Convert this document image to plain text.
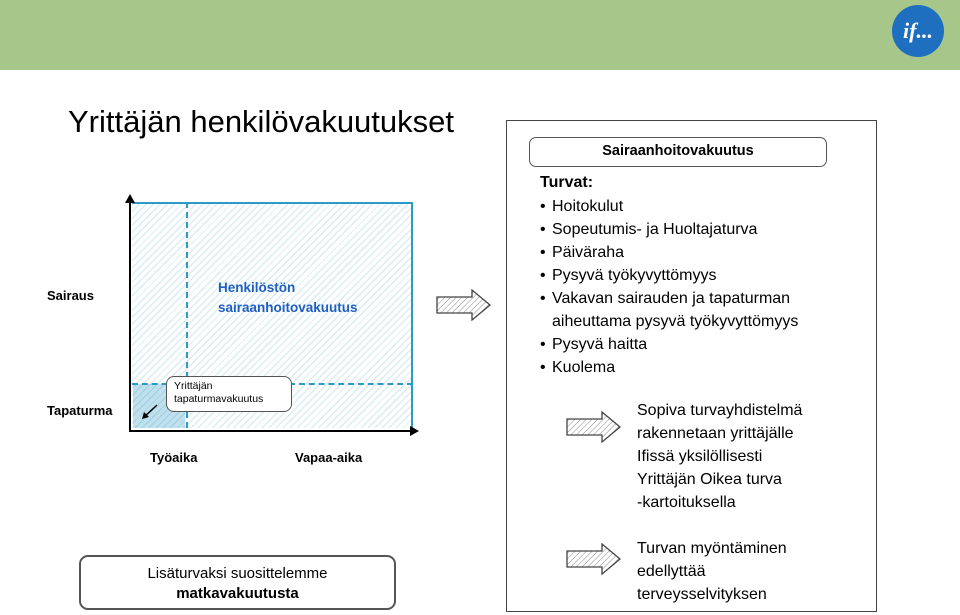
if...
Yrittäjän henkilövakuutukset
Sairaus
Tapaturma
Työaika	Vapaa-aika
Henkilöstön
sairaanhoitovakuutus
Yrittäjän
tapaturmavakuutus
Lisäturvaksi suosittelemme
matkavakuutusta
Sairaanhoitovakuutus
Turvat:
• Hoitokulut
• Sopeutumis- ja Huoltajaturva
• Päiväraha
• Pysyvä työkyvyttömyys
• Vakavan sairauden ja tapaturman
aiheuttama pysyvä työkyvyttömyys
• Pysyvä haitta
• Kuolema
Sopiva turvayhdistelmä
rakennetaan yrittäjälle
Ifissä yksilöllisesti
Yrittäjän Oikea turva
-kartoituksella
Turvan myöntäminen
edellyttää
terveysselvityksen
